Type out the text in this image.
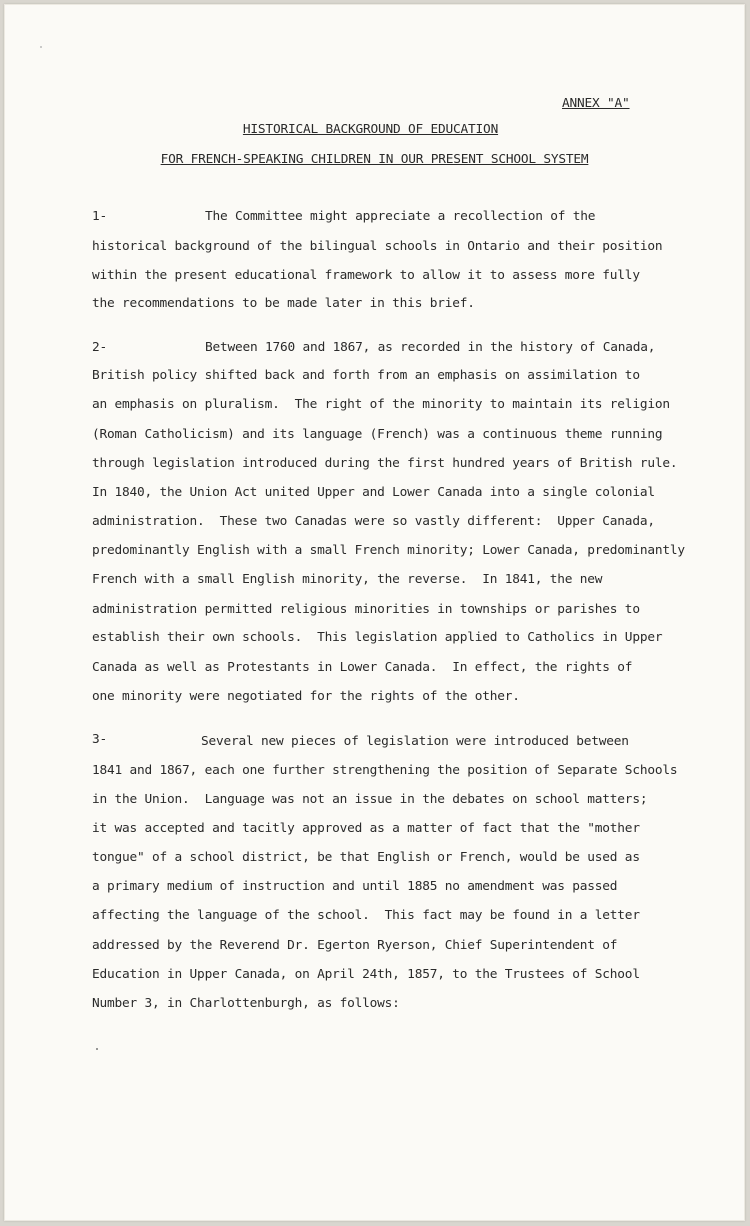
ANNEX "A"
HISTORICAL BACKGROUND OF EDUCATION
FOR FRENCH-SPEAKING CHILDREN IN OUR PRESENT SCHOOL SYSTEM
1-	The Committee might appreciate a recollection of the
historical background of the bilingual schools in Ontario and their position
within the present educational framework to allow it to assess more fully
the recommendations to be made later in this brief.
2-	Between 1760 and 1867, as recorded in the history of Canada,
British policy shifted back and forth from an emphasis on assimilation to
an emphasis on pluralism.  The right of the minority to maintain its religion
(Roman Catholicism) and its language (French) was a continuous theme running
through legislation introduced during the first hundred years of British rule.
In 1840, the Union Act united Upper and Lower Canada into a single colonial
administration.  These two Canadas were so vastly different:  Upper Canada,
predominantly English with a small French minority; Lower Canada, predominantly
French with a small English minority, the reverse.  In 1841, the new
administration permitted religious minorities in townships or parishes to
establish their own schools.  This legislation applied to Catholics in Upper
Canada as well as Protestants in Lower Canada.  In effect, the rights of
one minority were negotiated for the rights of the other.
3-	Several new pieces of legislation were introduced between
1841 and 1867, each one further strengthening the position of Separate Schools
in the Union.  Language was not an issue in the debates on school matters;
it was accepted and tacitly approved as a matter of fact that the "mother
tongue" of a school district, be that English or French, would be used as
a primary medium of instruction and until 1885 no amendment was passed
affecting the language of the school.  This fact may be found in a letter
addressed by the Reverend Dr. Egerton Ryerson, Chief Superintendent of
Education in Upper Canada, on April 24th, 1857, to the Trustees of School
Number 3, in Charlottenburgh, as follows:
